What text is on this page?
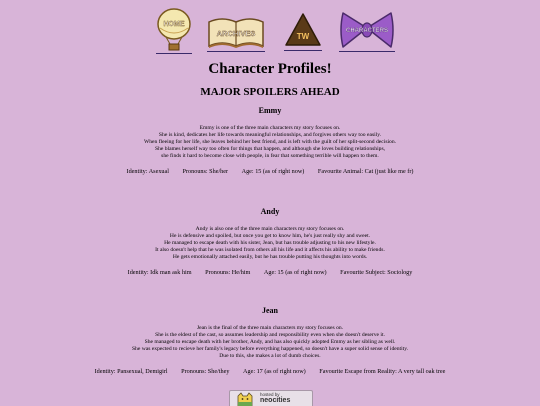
HOME
ARCHIVES	TW
CHARACTERS
Character Profiles!
MAJOR SPOILERS AHEAD

Emmy

Emmy is one of the three main characters my story focuses on.
She is kind, dedicates her life towards meaningful relationships, and forgives others way too easily.
When fleeing for her life, she leaves behind her best friend, and is left with the guilt of her split-second decision.
She blames herself way too often for things that happen, and although she loves building relationships,
she finds it hard to become close with people, in fear that something terrible will happen to them.
Identity: Asexual Pronouns: She/her Age: 15 (as of right now) Favourite Animal: Cat (just like me fr)

Andy

Andy is also one of the three main characters my story focuses on.
He is defensive and spoiled, but once you get to know him, he's just really shy and sweet.
He managed to escape death with his sister, Jean, but has trouble adjusting to his new lifestyle.
It also doesn't help that he was isolated from others all his life and it affects his ability to make friends.
He gets emotionally attached easily, but he has trouble putting his thoughts into words.
Identity: Idk man ask him Pronouns: He/him Age: 15 (as of right now) Favourite Subject: Sociology

Jean

Jean is the final of the three main characters my story focuses on.
She is the eldest of the cast, so assumes leadership and responsibility even when she doesn't deserve it.
She managed to escape death with her brother, Andy, and has also quickly adopted Emmy as her sibling as well.
She was expected to recieve her family's legacy before everything happened, so doesn't have a super solid sense of identity.
Due to this, she makes a lot of dumb choices.
Identity: Pansexual, Demigirl Pronouns: She/they Age: 17 (as of right now) Favourite Escape from Reality: A very tall oak tree
hosted by
neocities
